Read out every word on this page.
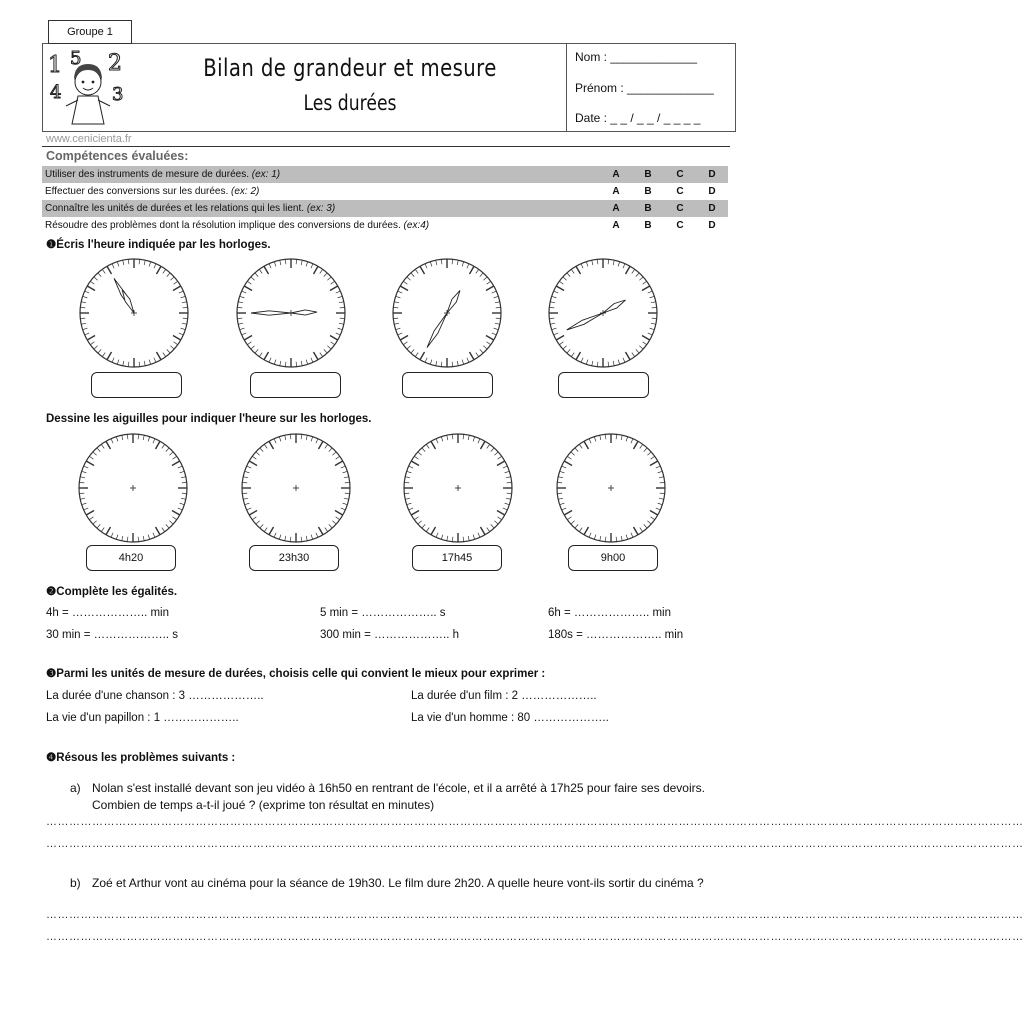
Groupe 1
1 5 2
4	3
Bilan de grandeur et mesure
Les durées
Nom : _____________
Prénom : _____________
Date : _ _ / _ _ / _ _ _ _
www.cenicienta.fr
Compétences évaluées:
Utiliser des instruments de mesure de durées. (ex: 1)	A	B	C	D
Effectuer des conversions sur les durées. (ex: 2)	A	B	C	D
Connaître les unités de durées et les relations qui les lient. (ex: 3)	A	B	C	D
Résoudre des problèmes dont la résolution implique des conversions de durées. (ex:4)	A	B	C	D
❶Écris l'heure indiquée par les horloges.
Dessine les aiguilles pour indiquer l'heure sur les horloges.
4h20	23h30	17h45	9h00
❷Complète les égalités.
4h = ……………….. min	5 min = ……………….. s	6h = ……………….. min
30 min = ……………….. s	300 min = ……………….. h	180s = ……………….. min
❸Parmi les unités de mesure de durées, choisis celle qui convient le mieux pour exprimer :
La durée d'une chanson : 3 ………………..	La durée d'un film : 2 ………………..
La vie d'un papillon : 1 ………………..	La vie d'un homme : 80 ………………..
❹Résous les problèmes suivants :
a) Nolan s'est installé devant son jeu vidéo à 16h50 en rentrant de l'école, et il a arrêté à 17h25 pour faire ses devoirs. Combien de temps a-t-il joué ? (exprime ton résultat en minutes)
…………………………………………………………………………………………………………………………………………………………………………………………………………………………………
…………………………………………………………………………………………………………………………………………………………………………………………………………………………………
b) Zoé et Arthur vont au cinéma pour la séance de 19h30. Le film dure 2h20. A quelle heure vont-ils sortir du cinéma ?
…………………………………………………………………………………………………………………………………………………………………………………………………………………………………
…………………………………………………………………………………………………………………………………………………………………………………………………………………………………
